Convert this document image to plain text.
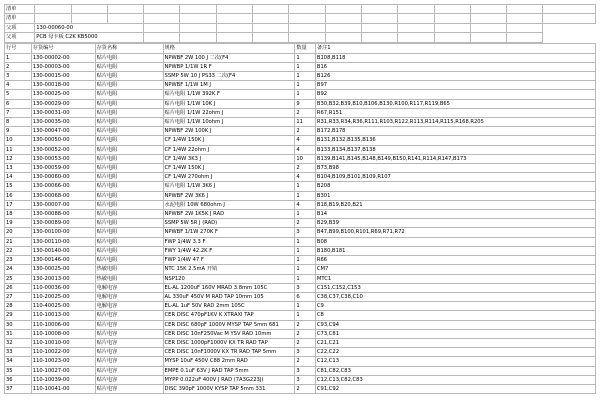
清单															
清单															
父项	130-00060-00														
父项	PCB 母卡板 C2K KB5000														
行号	存货编号	存货名称	规格	数量	备注1
1	130-00002-00	贴片电阻	NPWBF 2W 100 J 二次(F4	1	B108,B118
2	130-00003-00	贴片电阻	NPWBP 1/1W 1R F	1	B16
3	130-00015-00	贴片电阻	SSMP 5W 10 J PS33 二次(F4	1	B126
4	130-00018-00	贴片电阻	NPWBF 1/1W 1M J	1	B97
5	130-00025-00	贴片电阻	贴片电阻 1/1W 392K F	1	B92
6	130-00029-00	贴片电阻	贴片电阻 1/1W 10K J	9	B30,B32,B39,B10,B106,B130,R100,R117,R119,B65
7	130-00031-00	贴片电阻	贴片电阻 1/1W 22ohm J	2	R67,R151
8	130-00035-00	贴片电阻	贴片电阻 1/1W 10ohm J	11	R31,R33,R34,R36,R111,R103,R122,R113,R114,R115,R168,R205
9	130-00047-00	贴片电阻	NPWBF 2W 100K J	2	B172,B178
10	130-00050-00	贴片电阻	CF 1/4W 150K J	4	B131,B132,B135,B136
11	130-00052-00	贴片电阻	CF 1/4W 22ohm J	4	B133,B134,B137,B138
12	130-00053-00	贴片电阻	CF 1/4W 3K3 J	10	B139,B141,B145,B148,B149,B150,R141,R114,R147,B173
13	130-00059-00	贴片电阻	CF 1/4W 150K J	2	B73,B98
14	130-00060-00	贴片电阻	CF 1/4W 270ohm J	4	B104,B109,B101,B109,R107
15	130-00066-00	贴片电阻	贴片电阻 1/1W 3K6 J	1	B208
16	130-00068-00	贴片电阻	NPWBF 2W 3K6 J	1	B301
17	130-00007-00	贴片电阻	水泥电阻 10W 680ohm J	4	B18,B19,B20,B21
18	130-00088-00	贴片电阻	NPWBF 2W 1K5K J RAD	1	B14
19	130-00089-00	贴片电阻	SSMP 5W 5R J (RAD)	2	B29,B39
20	130-00100-00	贴片电阻	NPWBF 1/1W 270K F	3	B47,B99,B100,R101,R69,R71,R72
21	130-00110-00	贴片电阻	FWP 1/4W 3.3 F	1	B08
22	130-00140-00	贴片电阻	FWY 1/4W 42.2K F	1	B180,B181
23	130-00146-00	贴片电阻	FWP 1/4W 47 F	1	R66
24	130-00025-00	热敏电阻	NTC 15K 2.5mA 开销	1	CM7
25	130-20013-00	热敏电阻	NSP120	1	MTC1
26	110-00036-00	电解电容	EL-AL 1200uF 160V MRAD 3.8mm 105C	3	C151,C152,C153
27	110-20025-00	电解电容	AL 330uF 450V M RAD TAP 10mm 105	6	C38,C37,C38,C10
28	110-40025-00	电解电容	EL-AL 1uF 50V RAD 2mm 105C	1	C9
29	110-10013-00	贴片电容	CER DISC 470pF1KV K XTRAXI TAP	1	C8
30	110-10006-00	贴片电容	CER DISC 680pF 1000V MYSP TAP 5mm 681	2	C93,C94
31	110-10008-00	贴片电容	CER DISC 10nF250Vac M YSV RAD 10mm	2	C73,C81
32	110-10010-00	贴片电容	CER DISC 1000pF1000V KX TR RAD TAP	2	C21,C21
33	110-10022-00	贴片电容	CER DISC 10nF1000V KX TR RAD TAP 5mm	3	C22,C22
34	110-10023-00	贴片电容	MYSP 10uF 450V C88 2mm RAD	2	C12,C13
35	110-10027-00	贴片电容	EMPE 0.1uF 63V J RAD TAP 5mm	3	C81,C82,C83
36	110-10039-00	贴片电容	MYPP 0.022uF 400V J RAD (7A3G223J)	3	C12,C13,C82,C83
37	110-10041-00	贴片电容	DISC 390pF 1000V KYSP TAP 5mm 331	2	C91,C92
